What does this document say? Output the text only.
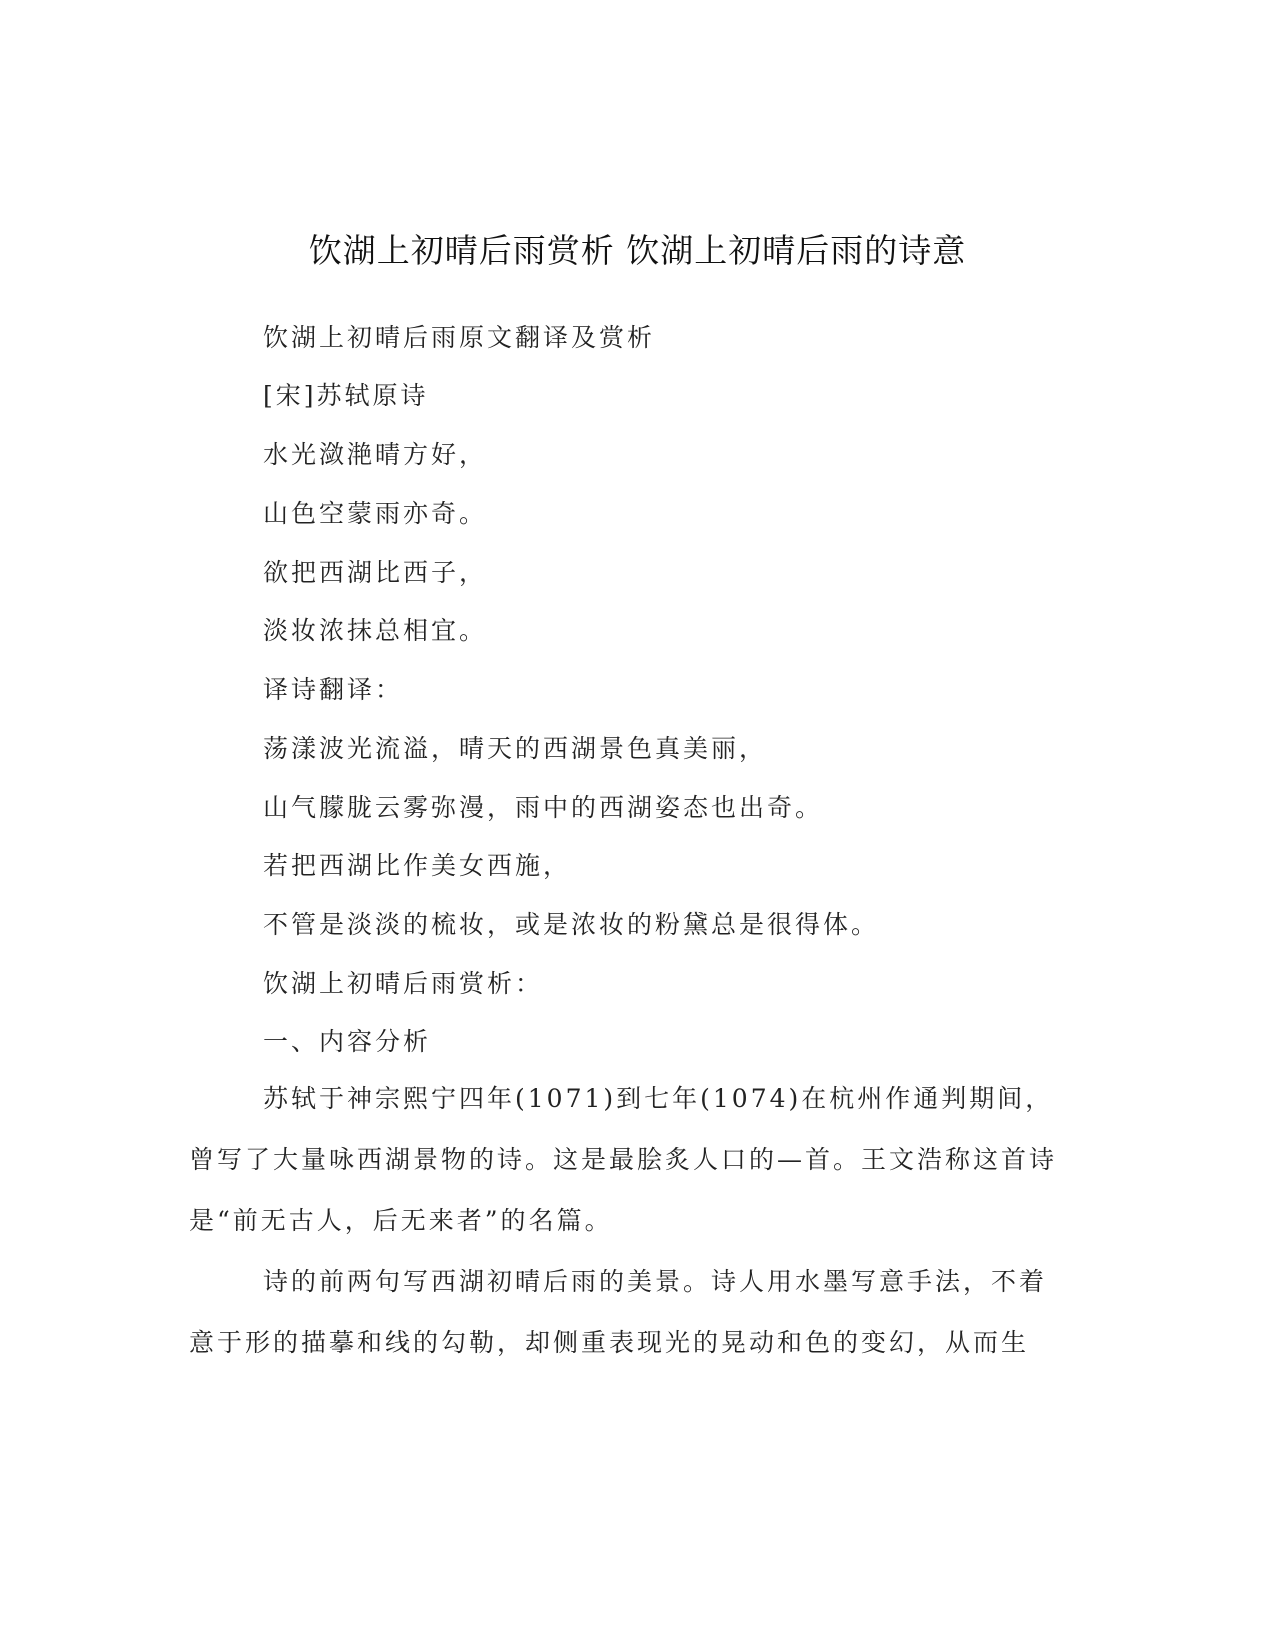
饮湖上初晴后雨赏析 饮湖上初晴后雨的诗意
饮湖上初晴后雨原文翻译及赏析
[宋]苏轼原诗
水光潋滟晴方好，
山色空蒙雨亦奇。
欲把西湖比西子，
淡妆浓抹总相宜。
译诗翻译：
荡漾波光流溢，晴天的西湖景色真美丽，
山气朦胧云雾弥漫，雨中的西湖姿态也出奇。
若把西湖比作美女西施，
不管是淡淡的梳妆，或是浓妆的粉黛总是很得体。
饮湖上初晴后雨赏析：
一、内容分析

苏轼于神宗熙宁四年(1071)到七年(1074)在杭州作通判期间，曾写了大量咏西湖景物的诗。这是最脍炙人口的—首。王文浩称这首诗是“前无古人，后无来者”的名篇。

诗的前两句写西湖初晴后雨的美景。诗人用水墨写意手法，不着意于形的描摹和线的勾勒，却侧重表现光的晃动和色的变幻，从而生
